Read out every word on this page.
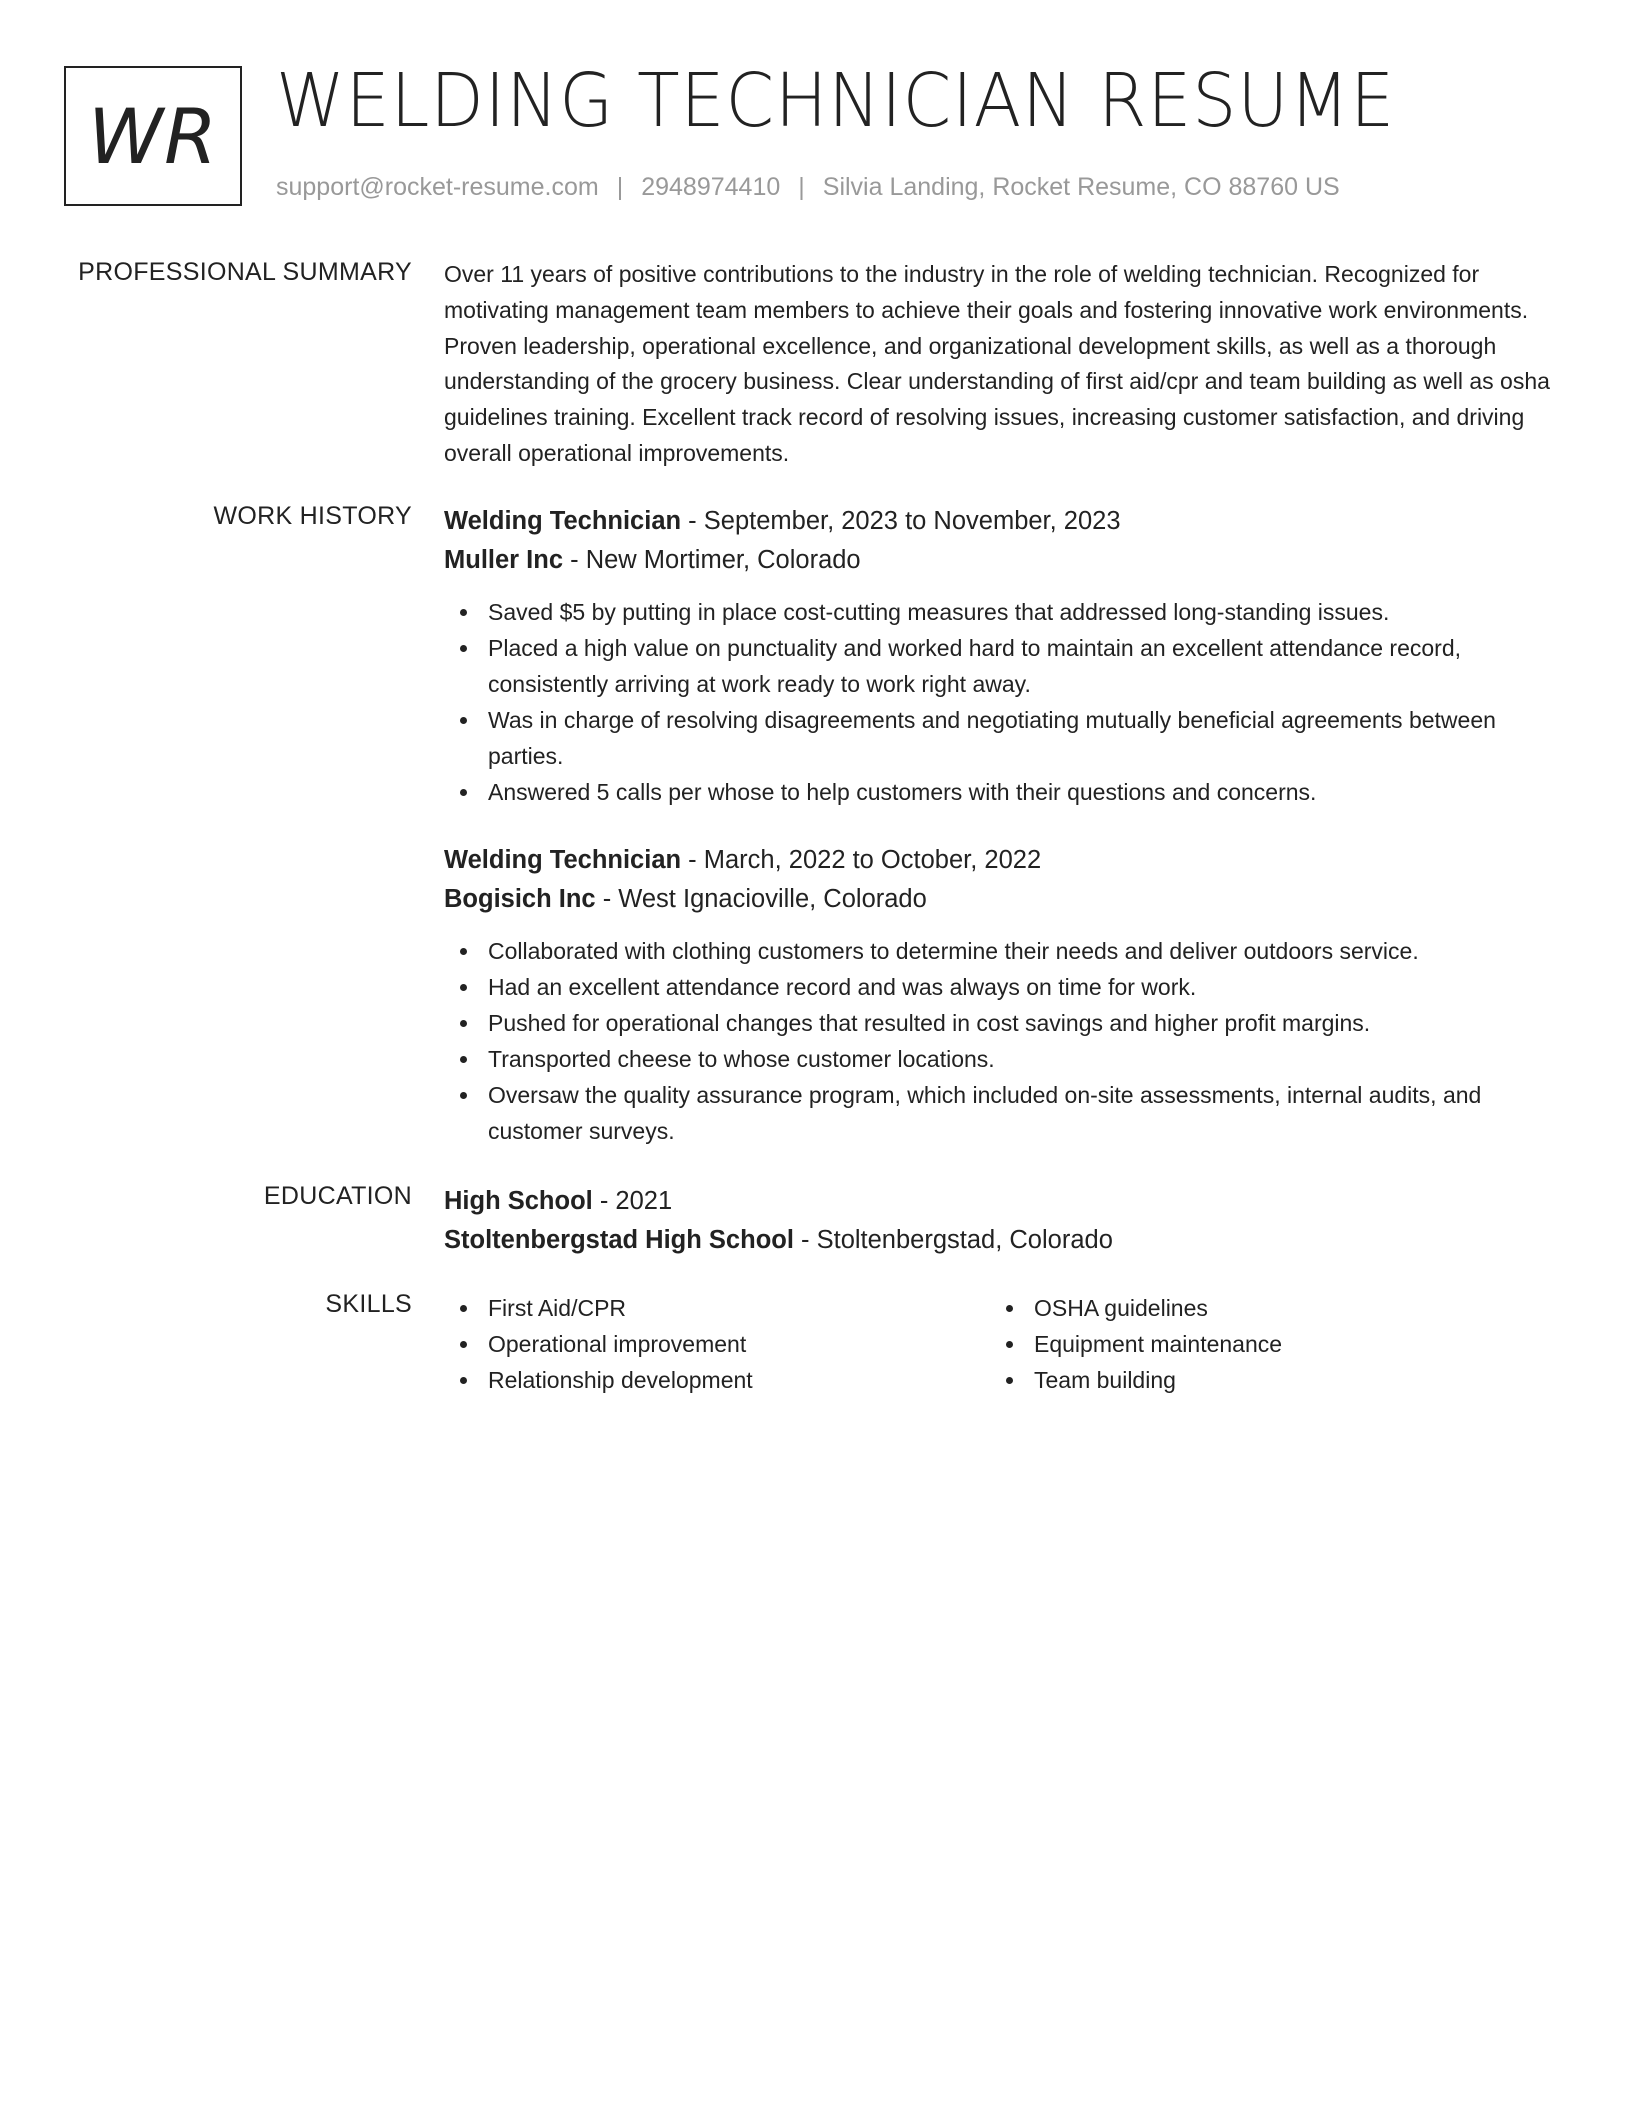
WR WELDING TECHNICIAN RESUME
support@rocket-resume.com | 2948974410 | Silvia Landing, Rocket Resume, CO 88760 US
PROFESSIONAL SUMMARY Over 11 years of positive contributions to the industry in the role of welding technician. Recognized for motivating management team members to achieve their goals and fostering innovative work environments. Proven leadership, operational excellence, and organizational development skills, as well as a thorough understanding of the grocery business. Clear understanding of first aid/cpr and team building as well as osha guidelines training. Excellent track record of resolving issues, increasing customer satisfaction, and driving overall operational improvements.

WORK HISTORY Welding Technician - September, 2023 to November, 2023
Muller Inc - New Mortimer, Colorado
Saved $5 by putting in place cost-cutting measures that addressed long-standing issues.
Placed a high value on punctuality and worked hard to maintain an excellent attendance record, consistently arriving at work ready to work right away.
Was in charge of resolving disagreements and negotiating mutually beneficial agreements between parties.
Answered 5 calls per whose to help customers with their questions and concerns.
Welding Technician - March, 2022 to October, 2022
Bogisich Inc - West Ignacioville, Colorado
Collaborated with clothing customers to determine their needs and deliver outdoors service.
Had an excellent attendance record and was always on time for work.
Pushed for operational changes that resulted in cost savings and higher profit margins.
Transported cheese to whose customer locations.
Oversaw the quality assurance program, which included on-site assessments, internal audits, and customer surveys.
EDUCATION High School - 2021
Stoltenbergstad High School - Stoltenbergstad, Colorado
SKILLS	First Aid/CPR
Operational improvement
Relationship development
OSHA guidelines
Equipment maintenance
Team building
